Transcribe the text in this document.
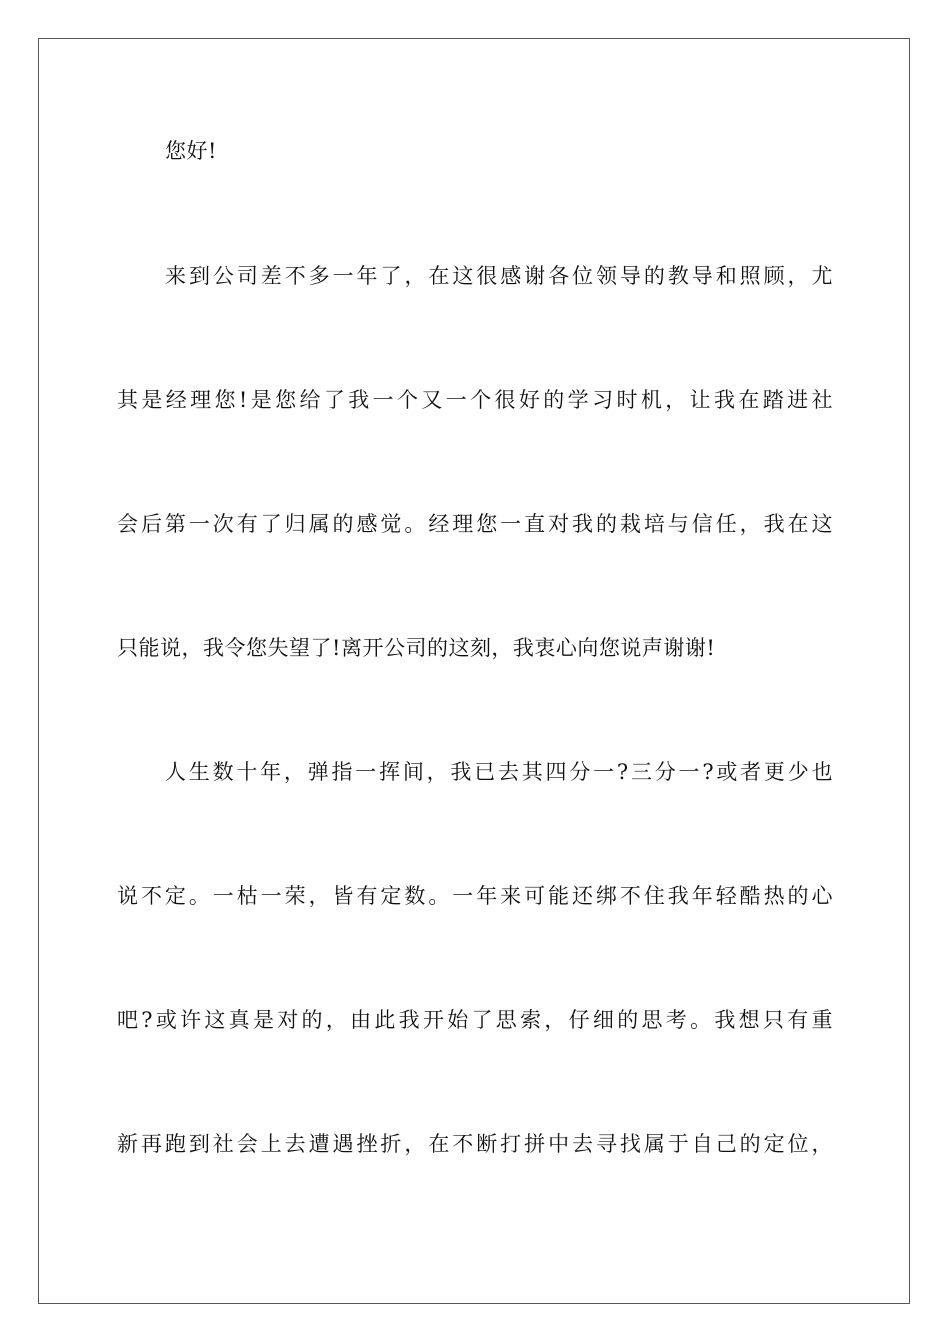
您好!
来到公司差不多一年了，在这很感谢各位领导的教导和照顾，尤
其是经理您!是您给了我一个又一个很好的学习时机，让我在踏进社
会后第一次有了归属的感觉。经理您一直对我的栽培与信任，我在这
只能说，我令您失望了!离开公司的这刻，我衷心向您说声谢谢!
人生数十年，弹指一挥间，我已去其四分一?三分一?或者更少也
说不定。一枯一荣，皆有定数。一年来可能还绑不住我年轻酷热的心
吧?或许这真是对的，由此我开始了思索，仔细的思考。我想只有重
新再跑到社会上去遭遇挫折，在不断打拼中去寻找属于自己的定位，
